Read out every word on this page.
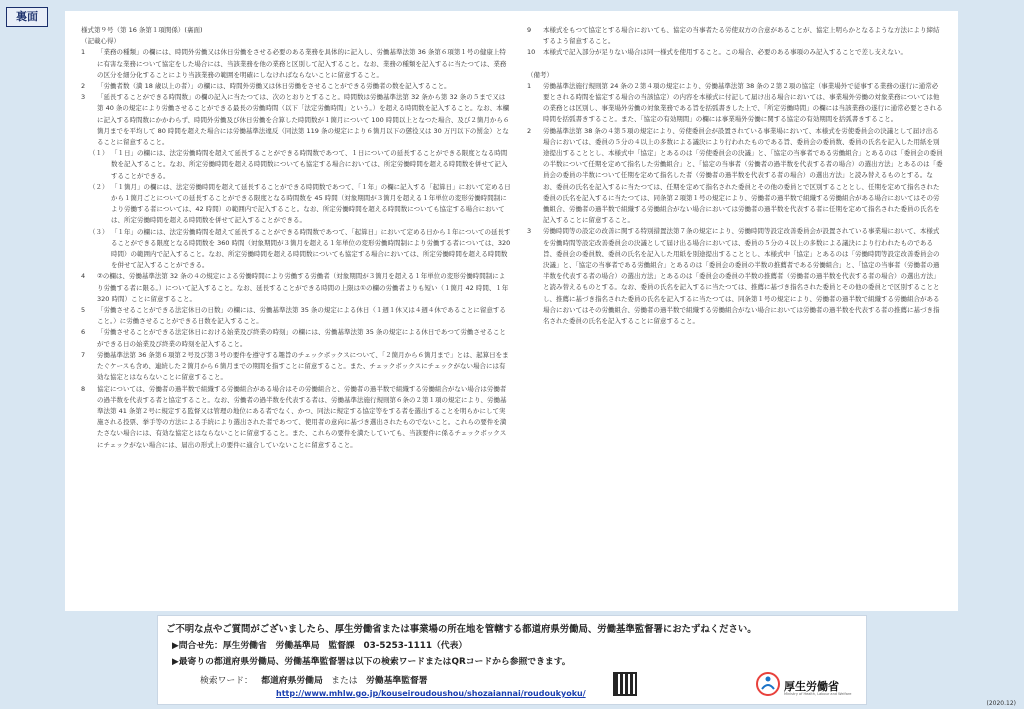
裏面

様式第９号（第 16 条第１項関係）(裏面)

（記載心得）

1	「業務の種類」の欄には、時間外労働又は休日労働をさせる必要のある業務を具体的に記入し、労働基準法第 36 条第６項第１号の健康上特に有害な業務について協定をした場合には、当該業務を他の業務と区別して記入すること。なお、業務の種類を記入するに当たつては、業務の区分を細分化することにより当該業務の範囲を明確にしなければならないことに留意すること。
2	「労働者数（満 18 歳以上の者）」の欄には、時間外労働又は休日労働をさせることができる労働者の数を記入すること。
3	「延長することができる時間数」の欄の記入に当たつては、次のとおりとすること。時間数は労働基準法第 32 条から第 32 条の５まで又は第 40 条の規定により労働させることができる最長の労働時間（以下「法定労働時間」という。）を超える時間数を記入すること。なお、本欄に記入する時間数にかかわらず、時間外労働及び休日労働を合算した時間数が１箇月について 100 時間以上となつた場合、及び２箇月から６箇月までを平均して 80 時間を超えた場合には労働基準法違反（同法第 119 条の規定により６箇月以下の懲役又は 30 万円以下の罰金）となることに留意すること。
（１） 「１日」の欄には、法定労働時間を超えて延長することができる時間数であつて、１日についての延長することができる限度となる時間数を記入すること。なお、所定労働時間を超える時間数についても協定する場合においては、所定労働時間を超える時間数を併せて記入することができる。
（２） 「１箇月」の欄には、法定労働時間を超えて延長することができる時間数であつて、「１年」の欄に記入する「起算日」において定める日から１箇月ごとについての延長することができる限度となる時間数を 45 時間（対象期間が３箇月を超える１年単位の変形労働時間制により労働する者については、42 時間）の範囲内で記入すること。なお、所定労働時間を超える時間数についても協定する場合においては、所定労働時間を超える時間数を併せて記入することができる。
（３） 「１年」の欄には、法定労働時間を超えて延長することができる時間数であつて、「起算日」において定める日から１年についての延長することができる限度となる時間数を 360 時間（対象期間が３箇月を超える１年単位の変形労働時間制により労働する者については、320 時間）の範囲内で記入すること。なお、所定労働時間を超える時間数についても協定する場合においては、所定労働時間を超える時間数を併せて記入することができる。
4	②の欄は、労働基準法第 32 条の４の規定による労働時間により労働する労働者（対象期間が３箇月を超える１年単位の変形労働時間制により労働する者に限る。）について記入すること。なお、延長することができる時間の上限は①の欄の労働者よりも短い（１箇月 42 時間、１年 320 時間）ことに留意すること。
5	「労働させることができる法定休日の日数」の欄には、労働基準法第 35 条の規定による休日（１週１休又は４週４休であることに留意すること。）に労働させることができる日数を記入すること。
6	「労働させることができる法定休日における始業及び終業の時刻」の欄には、労働基準法第 35 条の規定による休日であつて労働させることができる日の始業及び終業の時刻を記入すること。
7	労働基準法第 36 条第６項第２号及び第３号の要件を遵守する趣旨のチェックボックスについて、「２箇月から６箇月まで」とは、起算日をまたぐケースも含め、連続した２箇月から６箇月までの期間を指すことに留意すること。また、チェックボックスにチェックがない場合には有効な協定とはならないことに留意すること。
8	協定については、労働者の過半数で組織する労働組合がある場合はその労働組合と、労働者の過半数で組織する労働組合がない場合は労働者の過半数を代表する者と協定すること。なお、労働者の過半数を代表する者は、労働基準法施行規則第６条の２第１項の規定により、労働基準法第 41 条第２号に規定する監督又は管理の地位にある者でなく、かつ、同法に規定する協定等をする者を選出することを明らかにして実施される投票、挙手等の方法による手続により選出された者であつて、使用者の意向に基づき選出されたものでないこと。これらの要件を満たさない場合には、有効な協定とはならないことに留意すること。また、これらの要件を満たしていても、当該要件に係るチェックボックスにチェックがない場合には、届出の形式上の要件に適合していないことに留意すること。
9	本様式をもつて協定とする場合においても、協定の当事者たる労使双方の合意があることが、協定上明らかとなるような方法により締結するよう留意すること。
10	本様式で記入部分が足りない場合は同一様式を使用すること。この場合、必要のある事項のみ記入することで差し支えない。

（備考）

1	労働基準法施行規則第 24 条の２第４項の規定により、労働基準法第 38 条の２第２項の協定（事業場外で従事する業務の遂行に通常必要とされる時間を協定する場合の当該協定）の内容を本様式に付記して届け出る場合においては、事業場外労働の対象業務については他の業務とは区別し、事業場外労働の対象業務である旨を括弧書きした上で、「所定労働時間」の欄には当該業務の遂行に通常必要とされる時間を括弧書きすること。また、「協定の有効期間」の欄には事業場外労働に関する協定の有効期間を括弧書きすること。
2	労働基準法第 38 条の４第５項の規定により、労使委員会が設置されている事業場において、本様式を労使委員会の決議として届け出る場合においては、委員の５分の４以上の多数による議決により行われたものである旨、委員会の委員数、委員の氏名を記入した用紙を別途提出することとし、本様式中「協定」とあるのは「労使委員会の決議」と、「協定の当事者である労働組合」とあるのは「委員会の委員の半数について任期を定めて指名した労働組合」と、「協定の当事者（労働者の過半数を代表する者の場合）の選出方法」とあるのは「委員会の委員の半数について任期を定めて指名した者（労働者の過半数を代表する者の場合）の選出方法」と読み替えるものとする。なお、委員の氏名を記入するに当たつては、任期を定めて指名された委員とその他の委員とで区別することとし、任期を定めて指名された委員の氏名を記入するに当たつては、同条第２項第１号の規定により、労働者の過半数で組織する労働組合がある場合においてはその労働組合、労働者の過半数で組織する労働組合がない場合においては労働者の過半数を代表する者に任期を定めて指名された委員の氏名を記入することに留意すること。
3	労働時間等の設定の改善に関する特別措置法第７条の規定により、労働時間等設定改善委員会が設置されている事業場において、本様式を労働時間等設定改善委員会の決議として届け出る場合においては、委員の５分の４以上の多数による議決により行われたものである旨、委員会の委員数、委員の氏名を記入した用紙を別途提出することとし、本様式中「協定」とあるのは「労働時間等設定改善委員会の決議」と、「協定の当事者である労働組合」とあるのは「委員会の委員の半数の推薦者である労働組合」と、「協定の当事者（労働者の過半数を代表する者の場合）の選出方法」とあるのは「委員会の委員の半数の推薦者（労働者の過半数を代表する者の場合）の選出方法」と読み替えるものとする。なお、委員の氏名を記入するに当たつては、推薦に基づき指名された委員とその他の委員とで区別することとし、推薦に基づき指名された委員の氏名を記入するに当たつては、同条第１号の規定により、労働者の過半数で組織する労働組合がある場合においてはその労働組合、労働者の過半数で組織する労働組合がない場合においては労働者の過半数を代表する者の推薦に基づき指名された委員の氏名を記入することに留意すること。
ご不明な点やご質問がございましたら、厚生労働省または事業場の所在地を管轄する都道府県労働局、労働基準監督署におたずねください。
▶問合せ先：厚生労働省　労働基準局　監督課　03-5253-1111（代表）
▶最寄りの都道府県労働局、労働基準監督署は以下の検索ワードまたはQRコードから参照できます。
検索ワード： 都道府県労働局 または 労働基準監督署
http://www.mhlw.go.jp/kouseiroudoushou/shozaiannai/roudoukyoku/
厚生労働省
Ministry of Health, Labour and Welfare
(2020.12)
